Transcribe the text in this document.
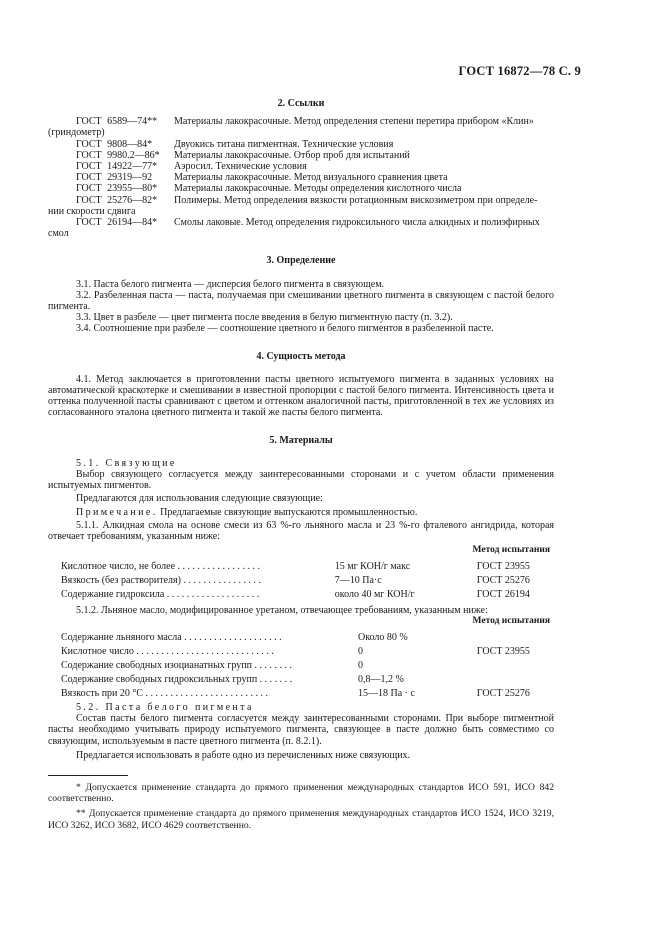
ГОСТ 16872—78 С. 9

2. Ссылки

ГОСТ 6589—74** Материалы лакокрасочные. Метод определения степени перетира прибором «Клин»

(гриндометр)

ГОСТ 9808—84* Двуокись титана пигментная. Технические условия

ГОСТ 9980.2—86* Материалы лакокрасочные. Отбор проб для испытаний

ГОСТ 14922—77* Аэросил. Технические условия

ГОСТ 29319—92 Материалы лакокрасочные. Метод визуального сравнения цвета

ГОСТ 23955—80* Материалы лакокрасочные. Методы определения кислотного числа

ГОСТ 25276—82* Полимеры. Метод определения вязкости ротационным вискозиметром при определе-

нии скорости сдвига

ГОСТ 26194—84* Смолы лаковые. Метод определения гидроксильного числа алкидных и полиэфирных

смол

3. Определение

3.1. Паста белого пигмента — дисперсия белого пигмента в связующем.

3.2. Разбеленная паста — паста, получаемая при смешивании цветного пигмента в связующем с пастой белого пигмента.

3.3. Цвет в разбеле — цвет пигмента после введения в белую пигментную пасту (п. 3.2).

3.4. Соотношение при разбеле — соотношение цветного и белого пигментов в разбеленной пасте.

4. Сущность метода

4.1. Метод заключается в приготовлении пасты цветного испытуемого пигмента в заданных условиях на автоматической краскотерке и смешивании в известной пропорции с пастой белого пигмента. Интенсивность цвета и оттенка полученной пасты сравнивают с цветом и оттенком аналогичной пасты, приготовленной в тех же условиях из согласованного эталона цветного пигмента и такой же пасты белого пигмента.

5. Материалы

5.1. Связующие

Выбор связующего согласуется между заинтересованными сторонами и с учетом области применения испытуемых пигментов.

Предлагаются для использования следующие связующие:

Примечание. Предлагаемые связующие выпускаются промышленностью.

5.1.1. Алкидная смола на основе смеси из 63 %-го льняного масла и 23 %-го фталевого ангидрида, которая отвечает требованиям, указанным ниже:

Метод испытания
Кислотное число, не более . . . . . . . . . . . . . . . . .	15 мг КОН/г макс	ГОСТ 23955
Вязкость (без растворителя) . . . . . . . . . . . . . . . .	7—10 Па·с	ГОСТ 25276
Содержание гидроксила . . . . . . . . . . . . . . . . . . .	около 40 мг КОН/г	ГОСТ 26194

5.1.2. Льняное масло, модифицированное уретаном, отвечающее требованиям, указанным ниже:

Метод испытания
Содержание льняного масла . . . . . . . . . . . . . . . . . . . .	Около 80 %	
Кислотное число . . . . . . . . . . . . . . . . . . . . . . . . . . . .	0	ГОСТ 23955
Содержание свободных изоцианатных групп . . . . . . . .	0	
Содержание свободных гидроксильных групп . . . . . . .	0,8—1,2 %	
Вязкость при 20 °С . . . . . . . . . . . . . . . . . . . . . . . . .	15—18 Па · с	ГОСТ 25276

5.2. Паста белого пигмента

Состав пасты белого пигмента согласуется между заинтересованными сторонами. При выборе пигментной пасты необходимо учитывать природу испытуемого пигмента, связующее в пасте должно быть совместимо со связующим, используемым в пасте цветного пигмента (п. 8.2.1).

Предлагается использовать в работе одно из перечисленных ниже связующих.

* Допускается применение стандарта до прямого применения международных стандартов ИСО 591, ИСО 842 соответственно.

** Допускается применение стандарта до прямого применения международных стандартов ИСО 1524, ИСО 3219, ИСО 3262, ИСО 3682, ИСО 4629 соответственно.
